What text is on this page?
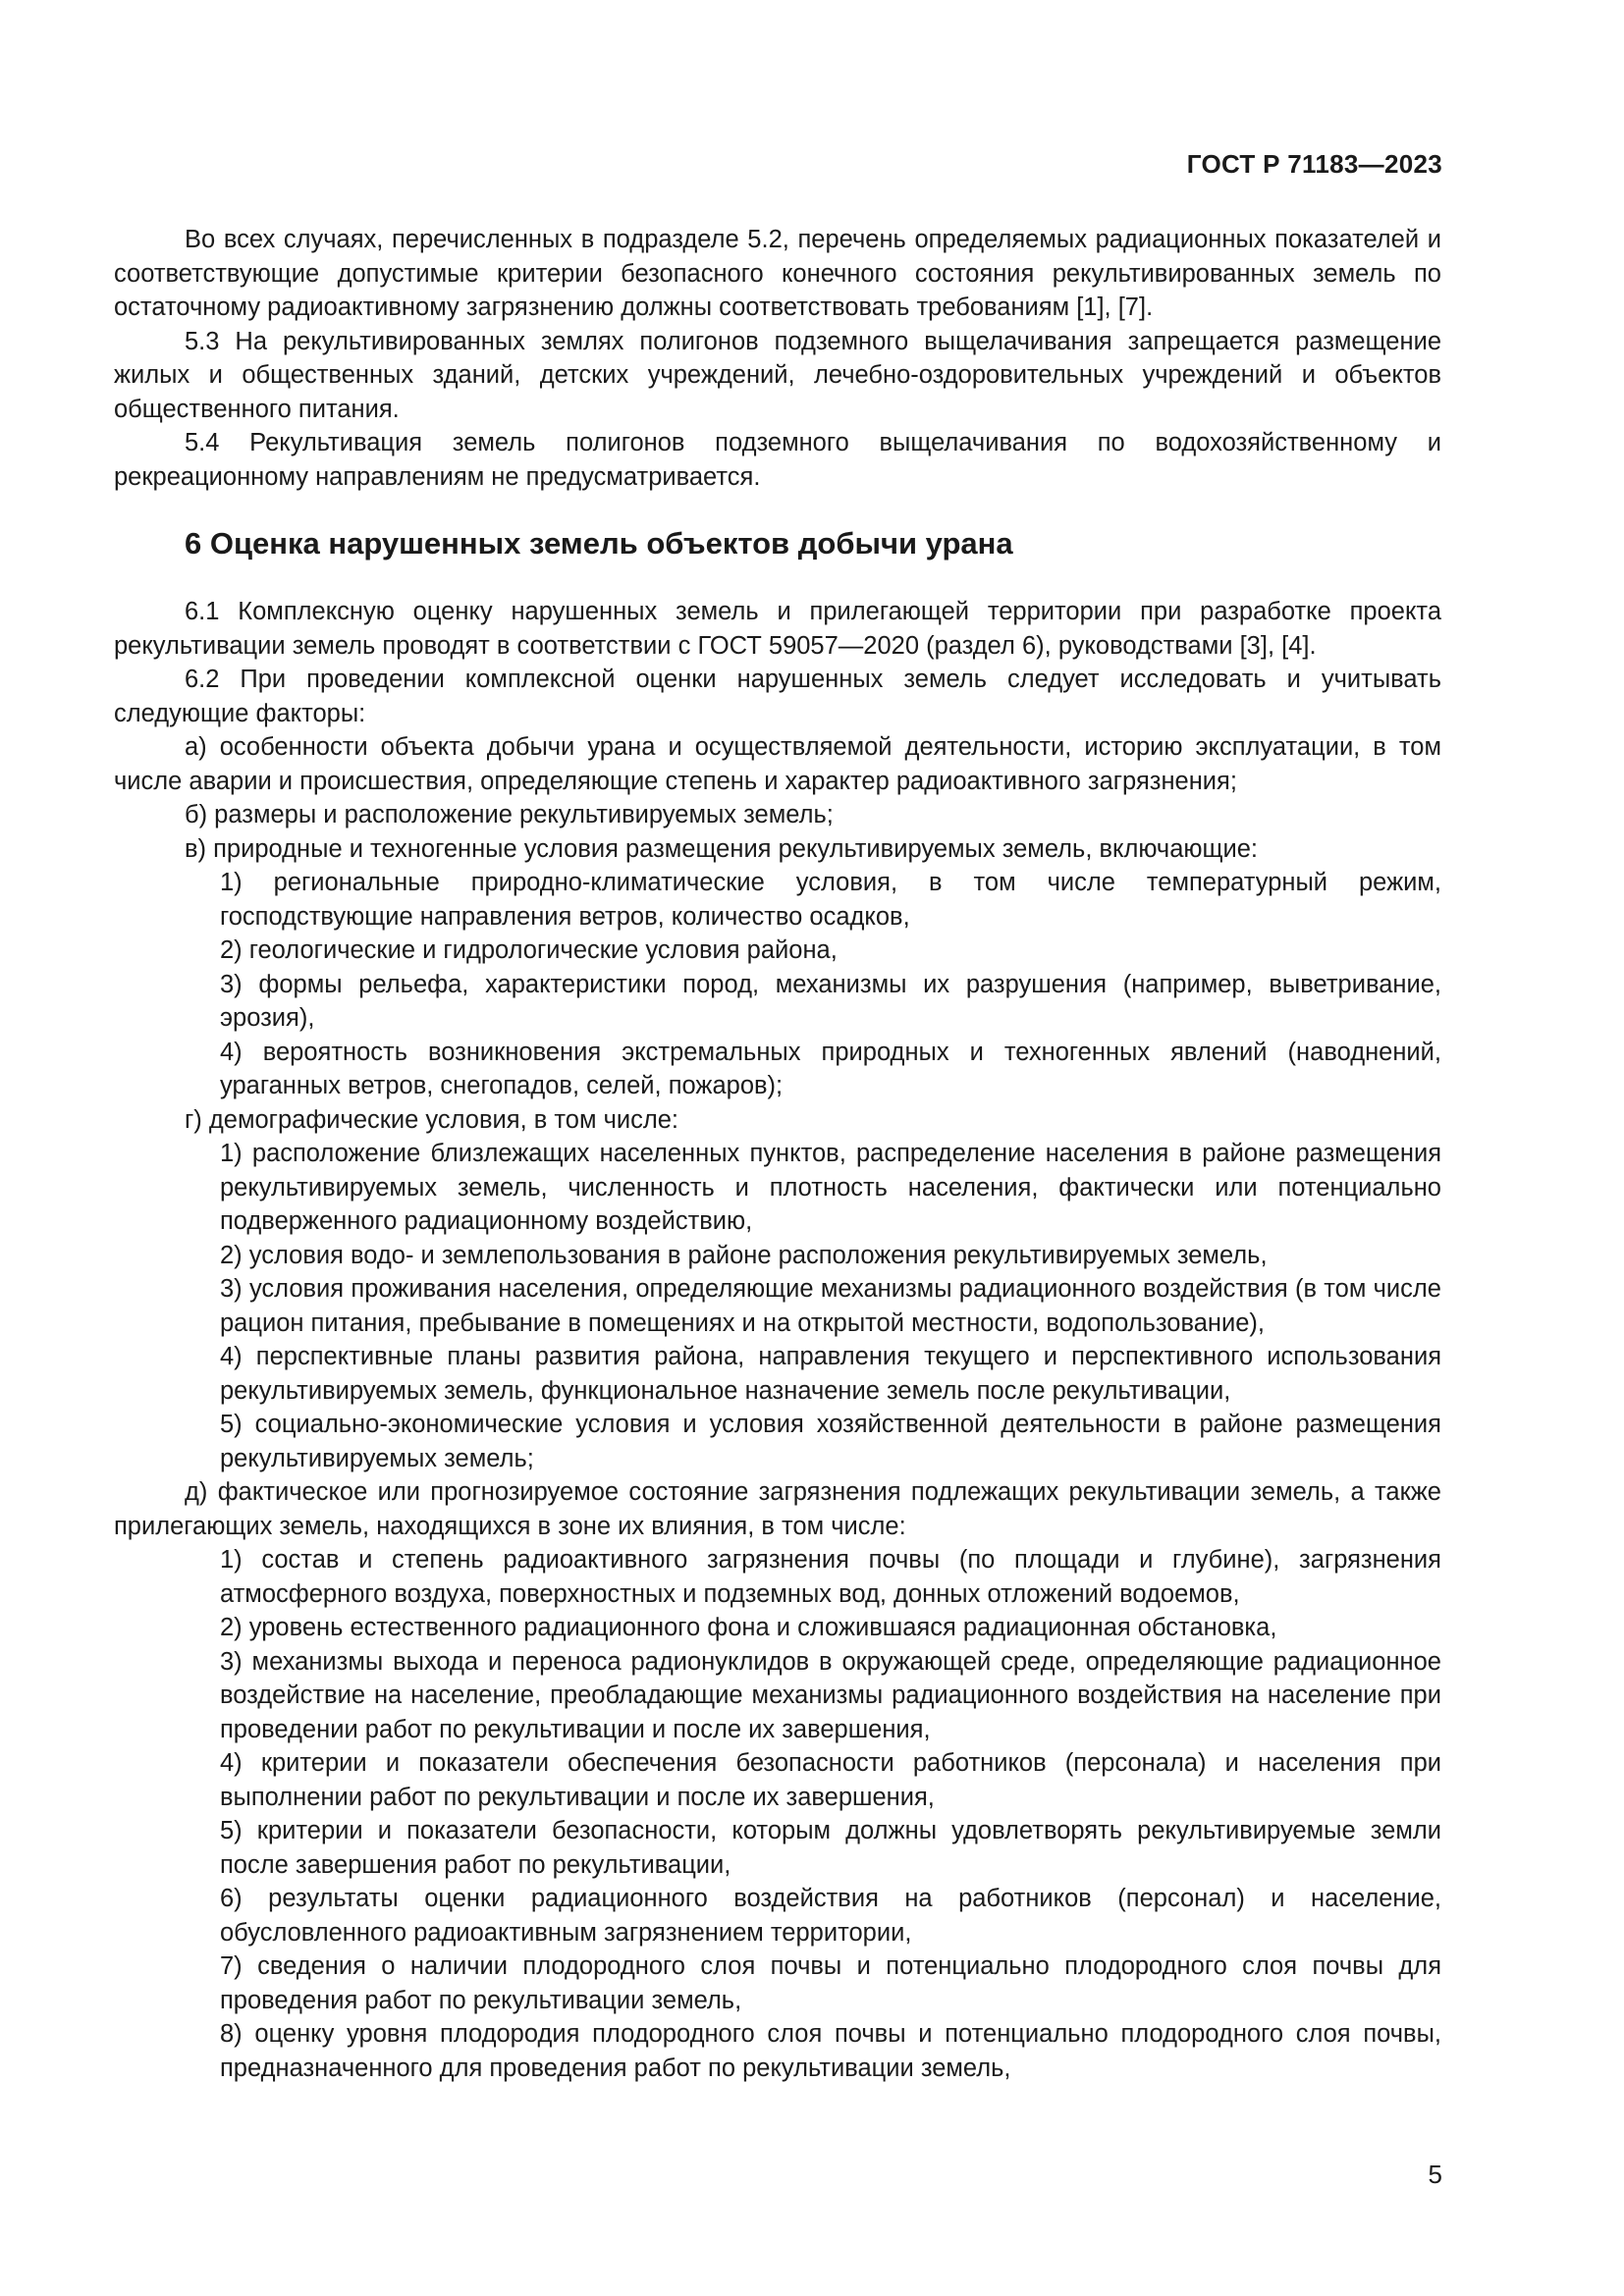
ГОСТ Р 71183—2023

Во всех случаях, перечисленных в подразделе 5.2, перечень определяемых радиационных показателей и соответствующие допустимые критерии безопасного конечного состояния рекультивированных земель по остаточному радиоактивному загрязнению должны соответствовать требованиям [1], [7].

5.3 На рекультивированных землях полигонов подземного выщелачивания запрещается размещение жилых и общественных зданий, детских учреждений, лечебно-оздоровительных учреждений и объектов общественного питания.

5.4 Рекультивация земель полигонов подземного выщелачивания по водохозяйственному и рекреационному направлениям не предусматривается.

6 Оценка нарушенных земель объектов добычи урана

6.1 Комплексную оценку нарушенных земель и прилегающей территории при разработке проекта рекультивации земель проводят в соответствии с ГОСТ 59057—2020 (раздел 6), руководствами [3], [4].

6.2 При проведении комплексной оценки нарушенных земель следует исследовать и учитывать следующие факторы:

а) особенности объекта добычи урана и осуществляемой деятельности, историю эксплуатации, в том числе аварии и происшествия, определяющие степень и характер радиоактивного загрязнения;

б) размеры и расположение рекультивируемых земель;

в) природные и техногенные условия размещения рекультивируемых земель, включающие:

1) региональные природно-климатические условия, в том числе температурный режим, господствующие направления ветров, количество осадков,

2) геологические и гидрологические условия района,

3) формы рельефа, характеристики пород, механизмы их разрушения (например, выветривание, эрозия),

4) вероятность возникновения экстремальных природных и техногенных явлений (наводнений, ураганных ветров, снегопадов, селей, пожаров);

г) демографические условия, в том числе:

1) расположение близлежащих населенных пунктов, распределение населения в районе размещения рекультивируемых земель, численность и плотность населения, фактически или потенциально подверженного радиационному воздействию,

2) условия водо- и землепользования в районе расположения рекультивируемых земель,

3) условия проживания населения, определяющие механизмы радиационного воздействия (в том числе рацион питания, пребывание в помещениях и на открытой местности, водопользование),

4) перспективные планы развития района, направления текущего и перспективного использования рекультивируемых земель, функциональное назначение земель после рекультивации,

5) социально-экономические условия и условия хозяйственной деятельности в районе размещения рекультивируемых земель;

д) фактическое или прогнозируемое состояние загрязнения подлежащих рекультивации земель, а также прилегающих земель, находящихся в зоне их влияния, в том числе:

1) состав и степень радиоактивного загрязнения почвы (по площади и глубине), загрязнения атмосферного воздуха, поверхностных и подземных вод, донных отложений водоемов,

2) уровень естественного радиационного фона и сложившаяся радиационная обстановка,

3) механизмы выхода и переноса радионуклидов в окружающей среде, определяющие радиационное воздействие на население, преобладающие механизмы радиационного воздействия на население при проведении работ по рекультивации и после их завершения,

4) критерии и показатели обеспечения безопасности работников (персонала) и населения при выполнении работ по рекультивации и после их завершения,

5) критерии и показатели безопасности, которым должны удовлетворять рекультивируемые земли после завершения работ по рекультивации,

6) результаты оценки радиационного воздействия на работников (персонал) и население, обусловленного радиоактивным загрязнением территории,

7) сведения о наличии плодородного слоя почвы и потенциально плодородного слоя почвы для проведения работ по рекультивации земель,

8) оценку уровня плодородия плодородного слоя почвы и потенциально плодородного слоя почвы, предназначенного для проведения работ по рекультивации земель,

5
